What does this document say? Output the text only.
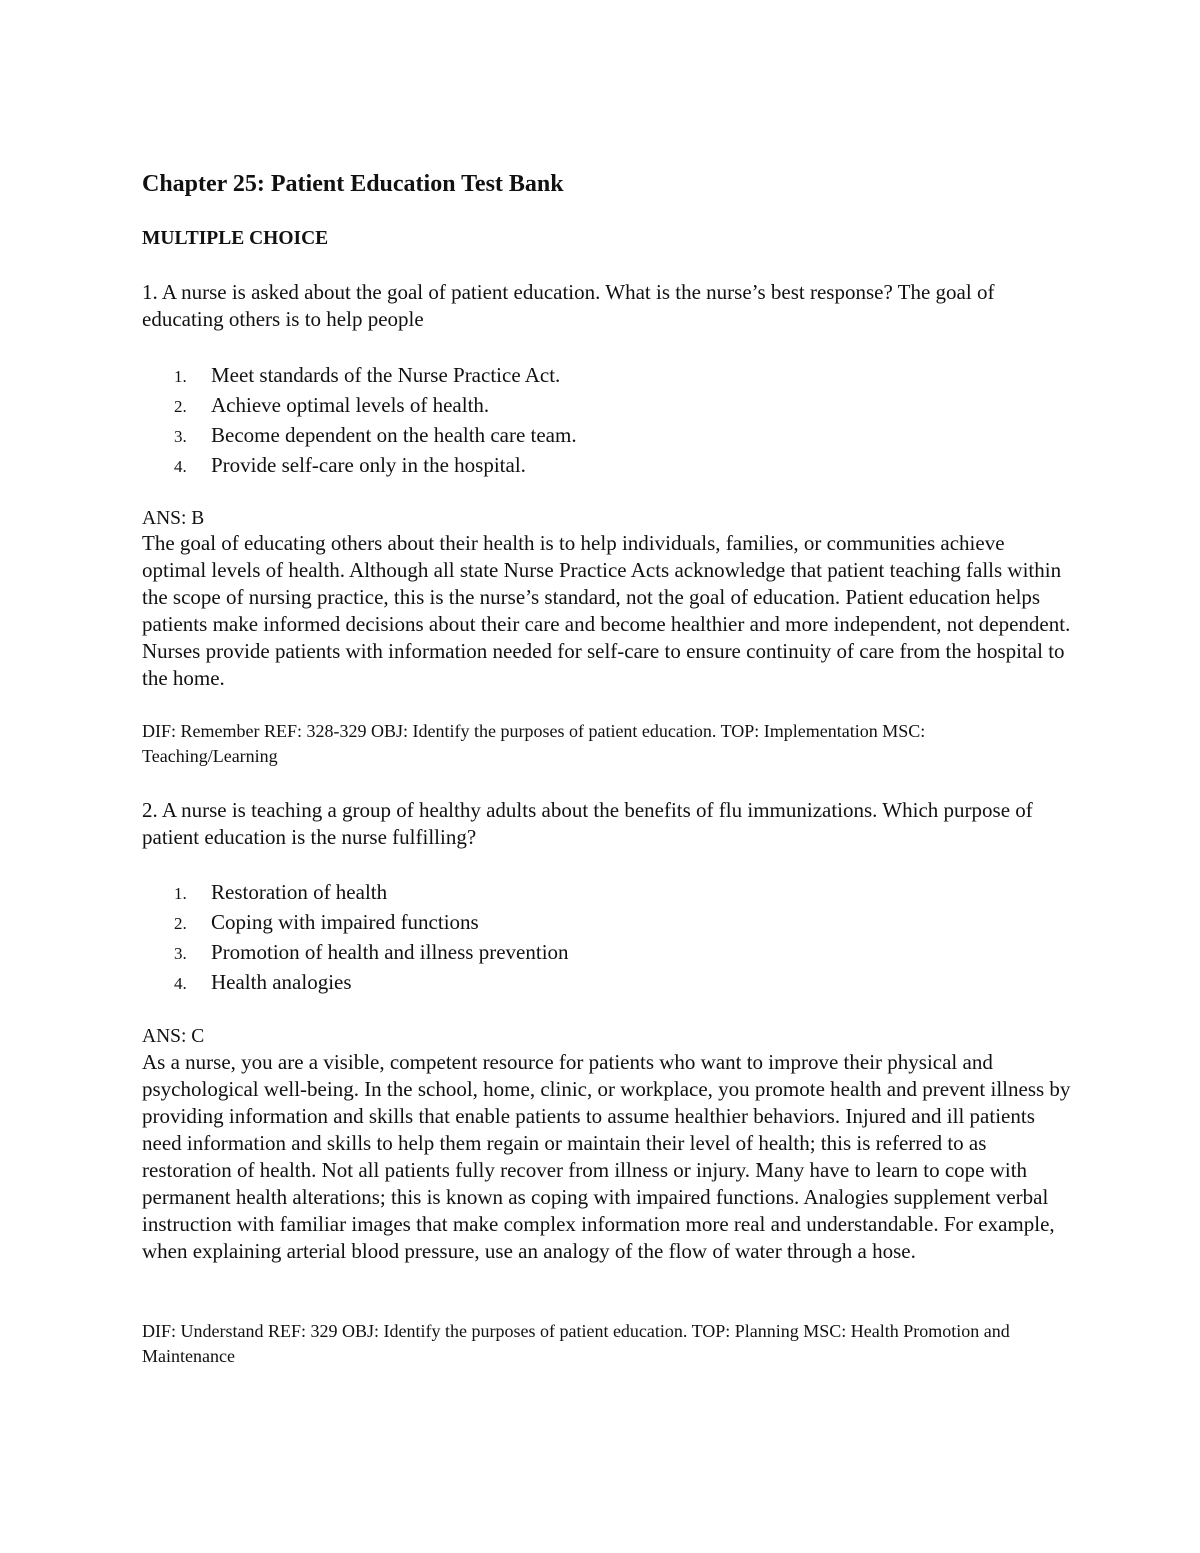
Chapter 25: Patient Education Test Bank
MULTIPLE CHOICE

1. A nurse is asked about the goal of patient education. What is the nurse’s best response? The goal of educating others is to help people

1. Meet standards of the Nurse Practice Act.
2. Achieve optimal levels of health.
3. Become dependent on the health care team.
4. Provide self-care only in the hospital.

ANS: B

The goal of educating others about their health is to help individuals, families, or communities achieve optimal levels of health. Although all state Nurse Practice Acts acknowledge that patient teaching falls within the scope of nursing practice, this is the nurse’s standard, not the goal of education. Patient education helps patients make informed decisions about their care and become healthier and more independent, not dependent. Nurses provide patients with information needed for self-care to ensure continuity of care from the hospital to the home.

DIF: Remember REF: 328-329 OBJ: Identify the purposes of patient education. TOP: Implementation MSC: Teaching/Learning

2. A nurse is teaching a group of healthy adults about the benefits of flu immunizations. Which purpose of patient education is the nurse fulfilling?

1. Restoration of health
2. Coping with impaired functions
3. Promotion of health and illness prevention
4. Health analogies

ANS: C

As a nurse, you are a visible, competent resource for patients who want to improve their physical and psychological well-being. In the school, home, clinic, or workplace, you promote health and prevent illness by providing information and skills that enable patients to assume healthier behaviors. Injured and ill patients need information and skills to help them regain or maintain their level of health; this is referred to as restoration of health. Not all patients fully recover from illness or injury. Many have to learn to cope with permanent health alterations; this is known as coping with impaired functions. Analogies supplement verbal instruction with familiar images that make complex information more real and understandable. For example, when explaining arterial blood pressure, use an analogy of the flow of water through a hose.

DIF: Understand REF: 329 OBJ: Identify the purposes of patient education. TOP: Planning MSC: Health Promotion and Maintenance
